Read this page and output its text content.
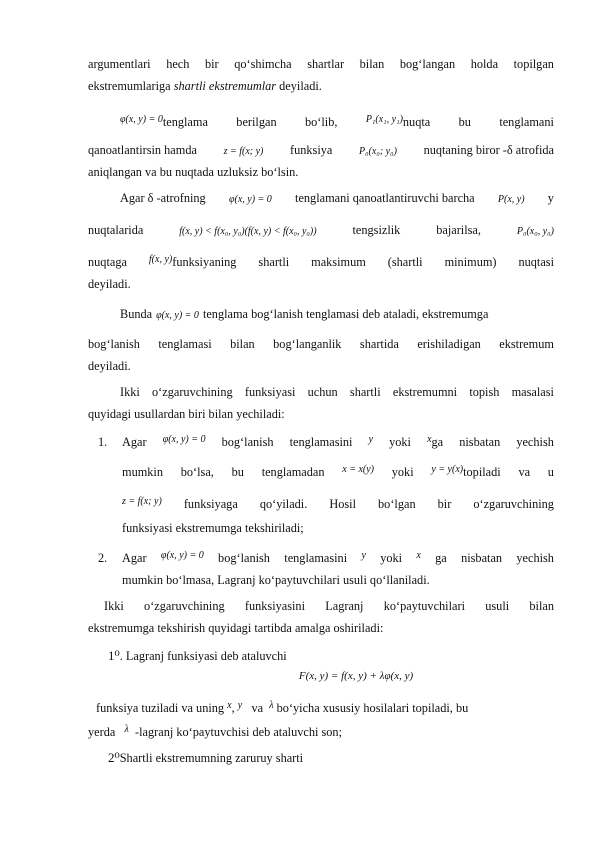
argumentlari hech bir qo‘shimcha shartlar bilan bog‘langan holda topilgan
ekstremumlariga shartli ekstremumlar deyiladi.
$^{\varphi(x, y) = 0}$tenglama berilgan bo‘lib,	$^{P_1(x_1, y_1)}$nuqta bu tenglamani
qanoatlantirsin hamda	z = f(x; y) funksiya	P₀(x₀; y₀) nuqtaning biror -δ atrofida
aniqlangan va bu nuqtada uzluksiz bo‘lsin.
Agar δ -atrofning φ(x, y) = 0 tenglamani qanoatlantiruvchi barcha P(x, y) y
nuqtalarida	f(x, y) < f(x₀, y₀)(f(x, y) < f(x₀, y₀))	tengsizlik	bajarilsa,	P₀(x₀, y₀)
nuqtaga $^{f(x, y)}$funksiyaning shartli maksimum (shartli minimum) nuqtasi
deyiladi.
Bunda φ(x, y) = 0 tenglama bog‘lanish tenglamasi deb ataladi, ekstremumga
bog‘lanish tenglamasi bilan bog‘langanlik shartida erishiladigan ekstremum
deyiladi.
Ikki o‘zgaruvchining funksiyasi uchun shartli ekstremumni topish masalasi
quyidagi usullardan biri bilan yechiladi:
1. Agar φ(x, y) = 0 bog‘lanish tenglamasini y yoki $^x$ga nisbatan yechish
mumkin bo‘lsa, bu tenglamadan x = x(y) yoki $^{y = y(x)}$topiladi va u
z = f(x; y) funksiyaga qo‘yiladi. Hosil bo‘lgan bir o‘zgaruvchining
funksiyasi ekstremumga tekshiriladi;
2. Agar φ(x, y) = 0 bog‘lanish tenglamasini y yoki x ga nisbatan yechish
mumkin bo‘lmasa, Lagranj ko‘paytuvchilari usuli qo‘llaniladi.
Ikki o‘zgaruvchining funksiyasini Lagranj ko‘paytuvchilari usuli bilan
ekstremumga tekshirish quyidagi tartibda amalga oshiriladi:
1⁰. Lagranj funksiyasi deb ataluvchi
F(x, y) = f(x, y) + λφ(x, y)
funksiya tuziladi va uning $^x$, $^y$ va $^\lambda$ bo‘yicha xususiy hosilalari topiladi, bu
yerda $^\lambda$ -lagranj ko‘paytuvchisi deb ataluvchi son;
2⁰Shartli ekstremumning zaruruy sharti
